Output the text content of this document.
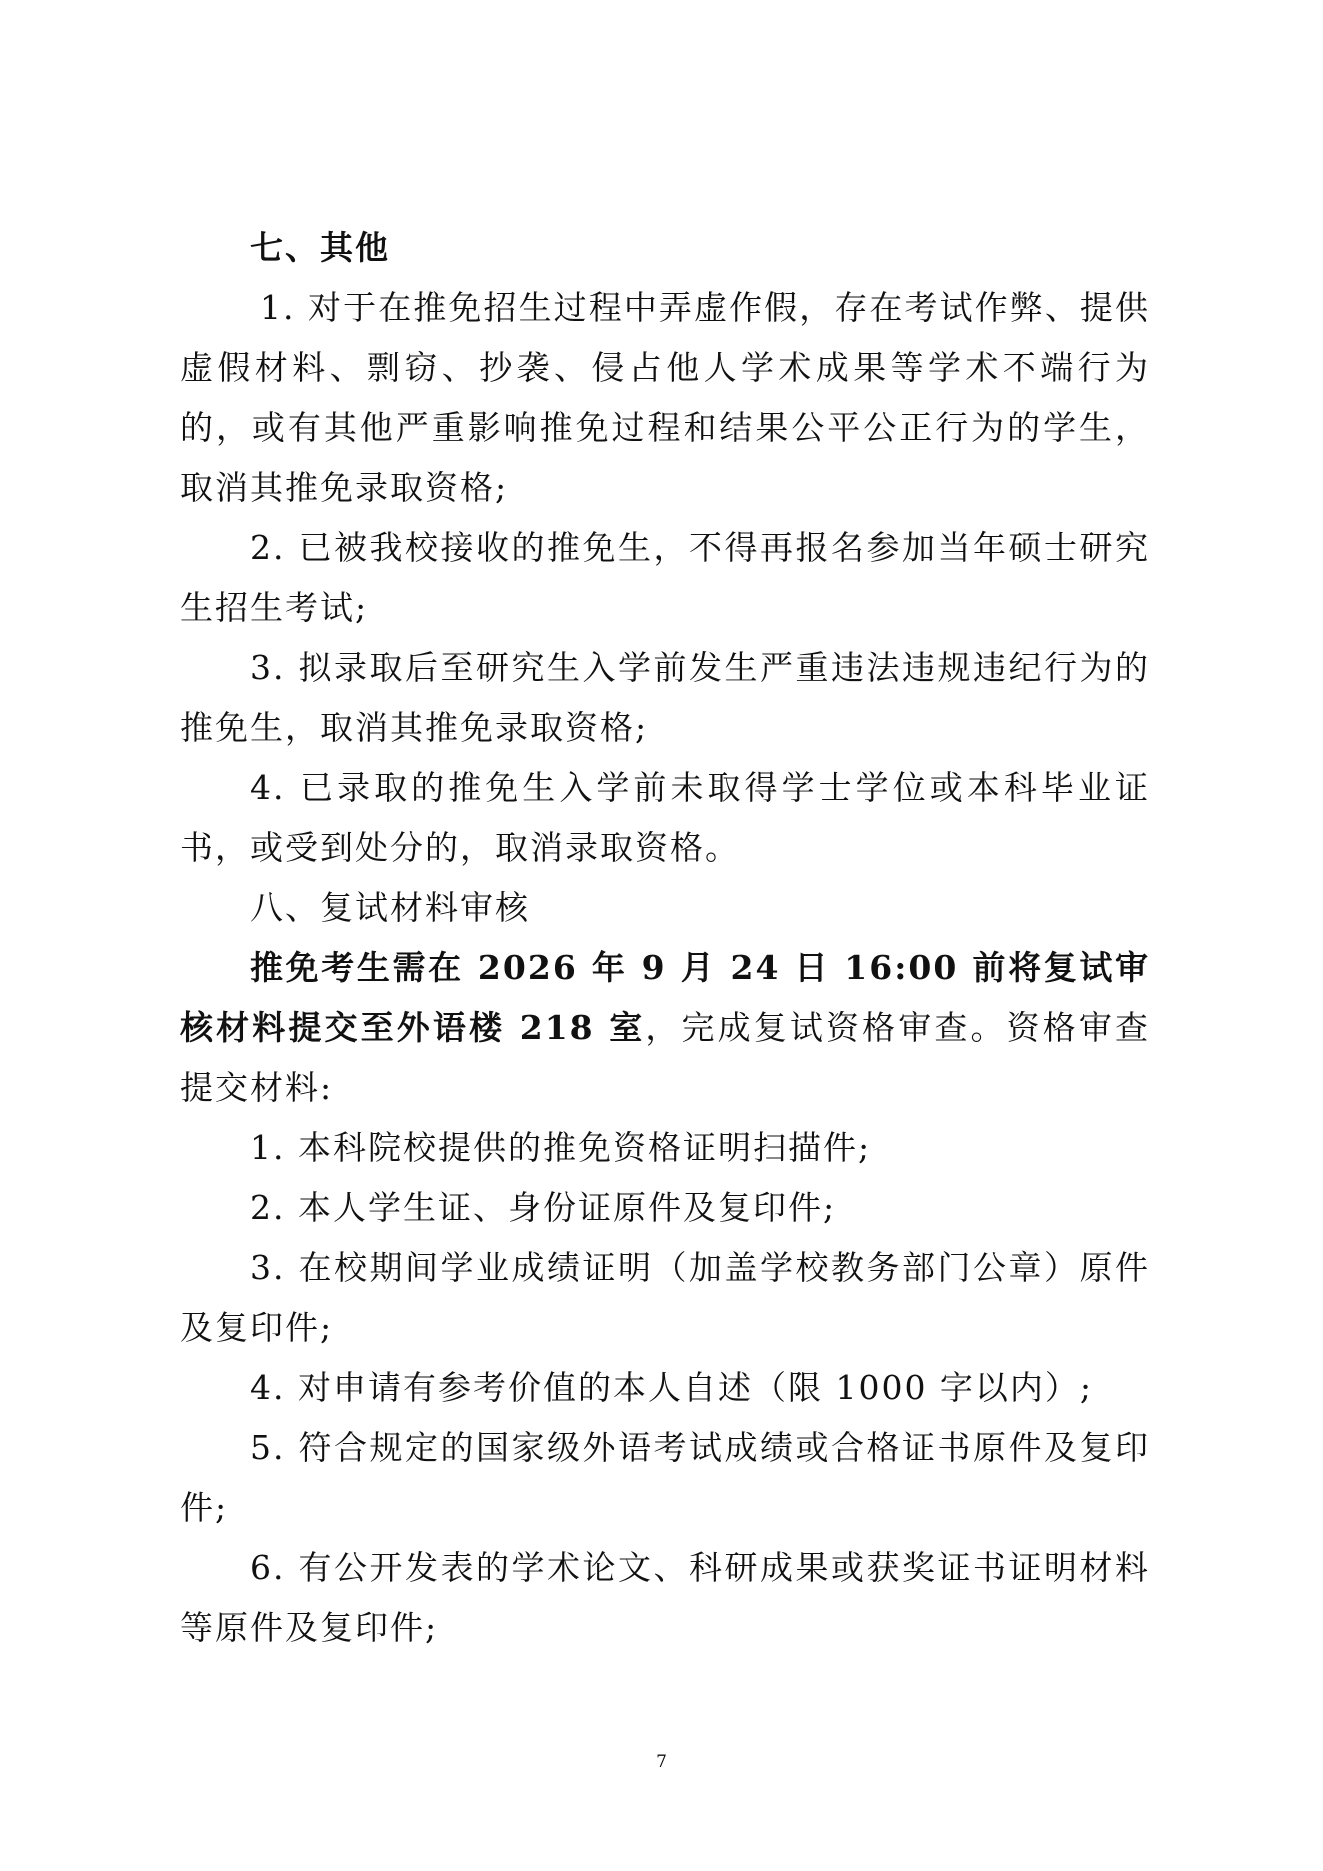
七、其他

1. 对于在推免招生过程中弄虚作假，存在考试作弊、提供虚假材料、剽窃、抄袭、侵占他人学术成果等学术不端行为的，或有其他严重影响推免过程和结果公平公正行为的学生，取消其推免录取资格;

2. 已被我校接收的推免生，不得再报名参加当年硕士研究生招生考试;

3. 拟录取后至研究生入学前发生严重违法违规违纪行为的推免生，取消其推免录取资格;

4. 已录取的推免生入学前未取得学士学位或本科毕业证书，或受到处分的，取消录取资格。

八、复试材料审核

推免考生需在 2026 年 9 月 24 日 16:00 前将复试审核材料提交至外语楼 218 室，完成复试资格审查。资格审查提交材料:

1. 本科院校提供的推免资格证明扫描件;

2. 本人学生证、身份证原件及复印件;

3. 在校期间学业成绩证明（加盖学校教务部门公章）原件及复印件;

4. 对申请有参考价值的本人自述（限 1000 字以内）;

5. 符合规定的国家级外语考试成绩或合格证书原件及复印件;

6. 有公开发表的学术论文、科研成果或获奖证书证明材料等原件及复印件;

7
